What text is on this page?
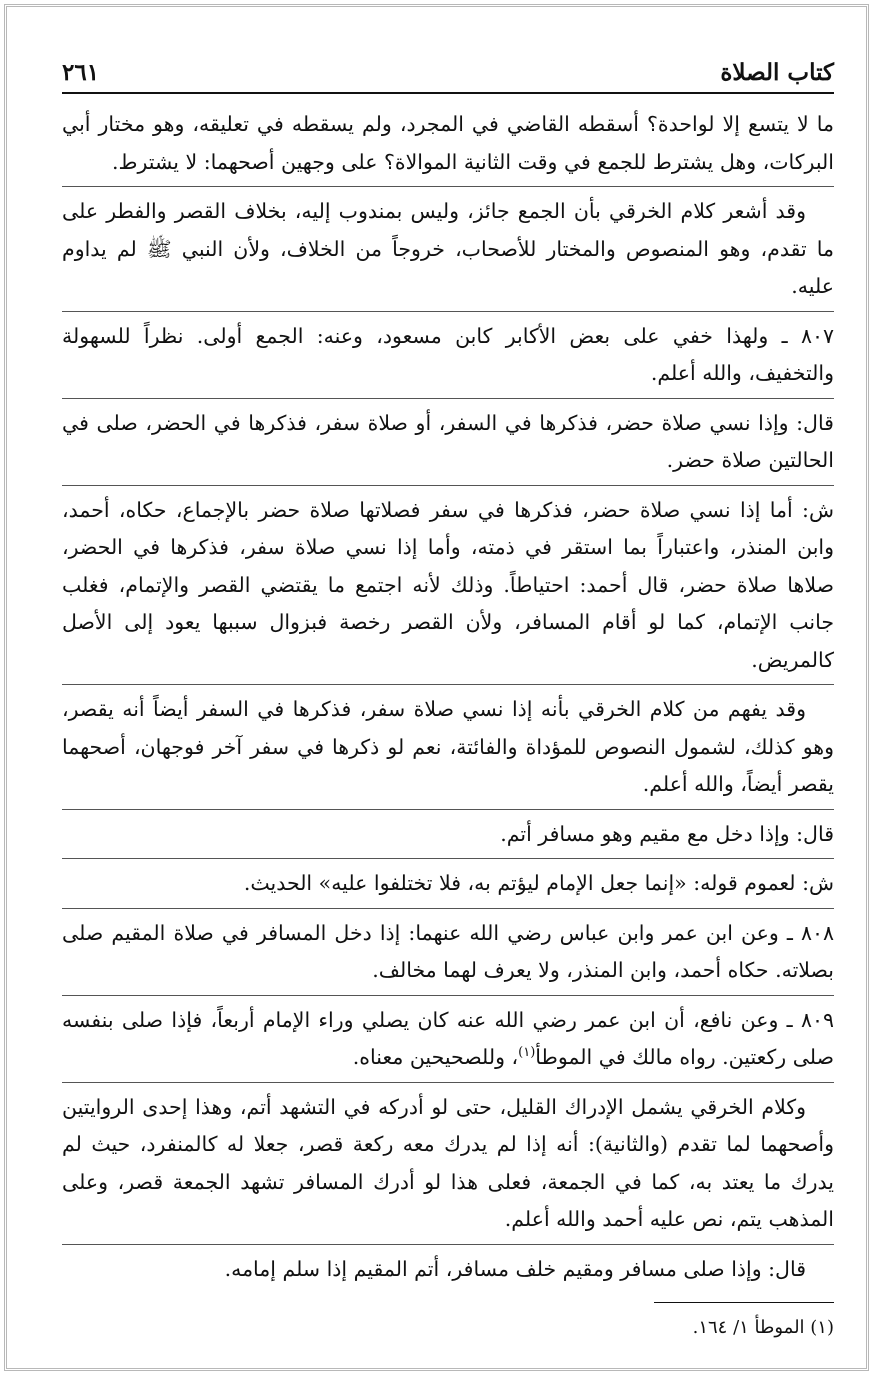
كتاب الصلاة
٢٦١

ما لا يتسع إلا لواحدة؟ أسقطه القاضي في المجرد، ولم يسقطه في تعليقه، وهو مختار أبي البركات، وهل يشترط للجمع في وقت الثانية الموالاة؟ على وجهين أصحهما: لا يشترط.

وقد أشعر كلام الخرقي بأن الجمع جائز، وليس بمندوب إليه، بخلاف القصر والفطر على ما تقدم، وهو المنصوص والمختار للأصحاب، خروجاً من الخلاف، ولأن النبي ﷺ لم يداوم عليه.

٨٠٧ ـ ولهذا خفي على بعض الأكابر كابن مسعود، وعنه: الجمع أولى. نظراً للسهولة والتخفيف، والله أعلم.

قال: وإذا نسي صلاة حضر، فذكرها في السفر، أو صلاة سفر، فذكرها في الحضر، صلى في الحالتين صلاة حضر.

ش: أما إذا نسي صلاة حضر، فذكرها في سفر فصلاتها صلاة حضر بالإجماع، حكاه، أحمد، وابن المنذر، واعتباراً بما استقر في ذمته، وأما إذا نسي صلاة سفر، فذكرها في الحضر، صلاها صلاة حضر، قال أحمد: احتياطاً. وذلك لأنه اجتمع ما يقتضي القصر والإتمام، فغلب جانب الإتمام، كما لو أقام المسافر، ولأن القصر رخصة فبزوال سببها يعود إلى الأصل كالمريض.

وقد يفهم من كلام الخرقي بأنه إذا نسي صلاة سفر، فذكرها في السفر أيضاً أنه يقصر، وهو كذلك، لشمول النصوص للمؤداة والفائتة، نعم لو ذكرها في سفر آخر فوجهان، أصحهما يقصر أيضاً، والله أعلم.

قال: وإذا دخل مع مقيم وهو مسافر أتم.

ش: لعموم قوله: «إنما جعل الإمام ليؤتم به، فلا تختلفوا عليه» الحديث.

٨٠٨ ـ وعن ابن عمر وابن عباس رضي الله عنهما: إذا دخل المسافر في صلاة المقيم صلى بصلاته. حكاه أحمد، وابن المنذر، ولا يعرف لهما مخالف.

٨٠٩ ـ وعن نافع، أن ابن عمر رضي الله عنه كان يصلي وراء الإمام أربعاً، فإذا صلى بنفسه صلى ركعتين. رواه مالك في الموطأ$^{(١)}$، وللصحيحين معناه.

وكلام الخرقي يشمل الإدراك القليل، حتى لو أدركه في التشهد أتم، وهذا إحدى الروايتين وأصحهما لما تقدم (والثانية): أنه إذا لم يدرك معه ركعة قصر، جعلا له كالمنفرد، حيث لم يدرك ما يعتد به، كما في الجمعة، فعلى هذا لو أدرك المسافر تشهد الجمعة قصر، وعلى المذهب يتم، نص عليه أحمد والله أعلم.

قال: وإذا صلى مسافر ومقيم خلف مسافر، أتم المقيم إذا سلم إمامه.

(١) الموطأ ١/ ١٦٤.
